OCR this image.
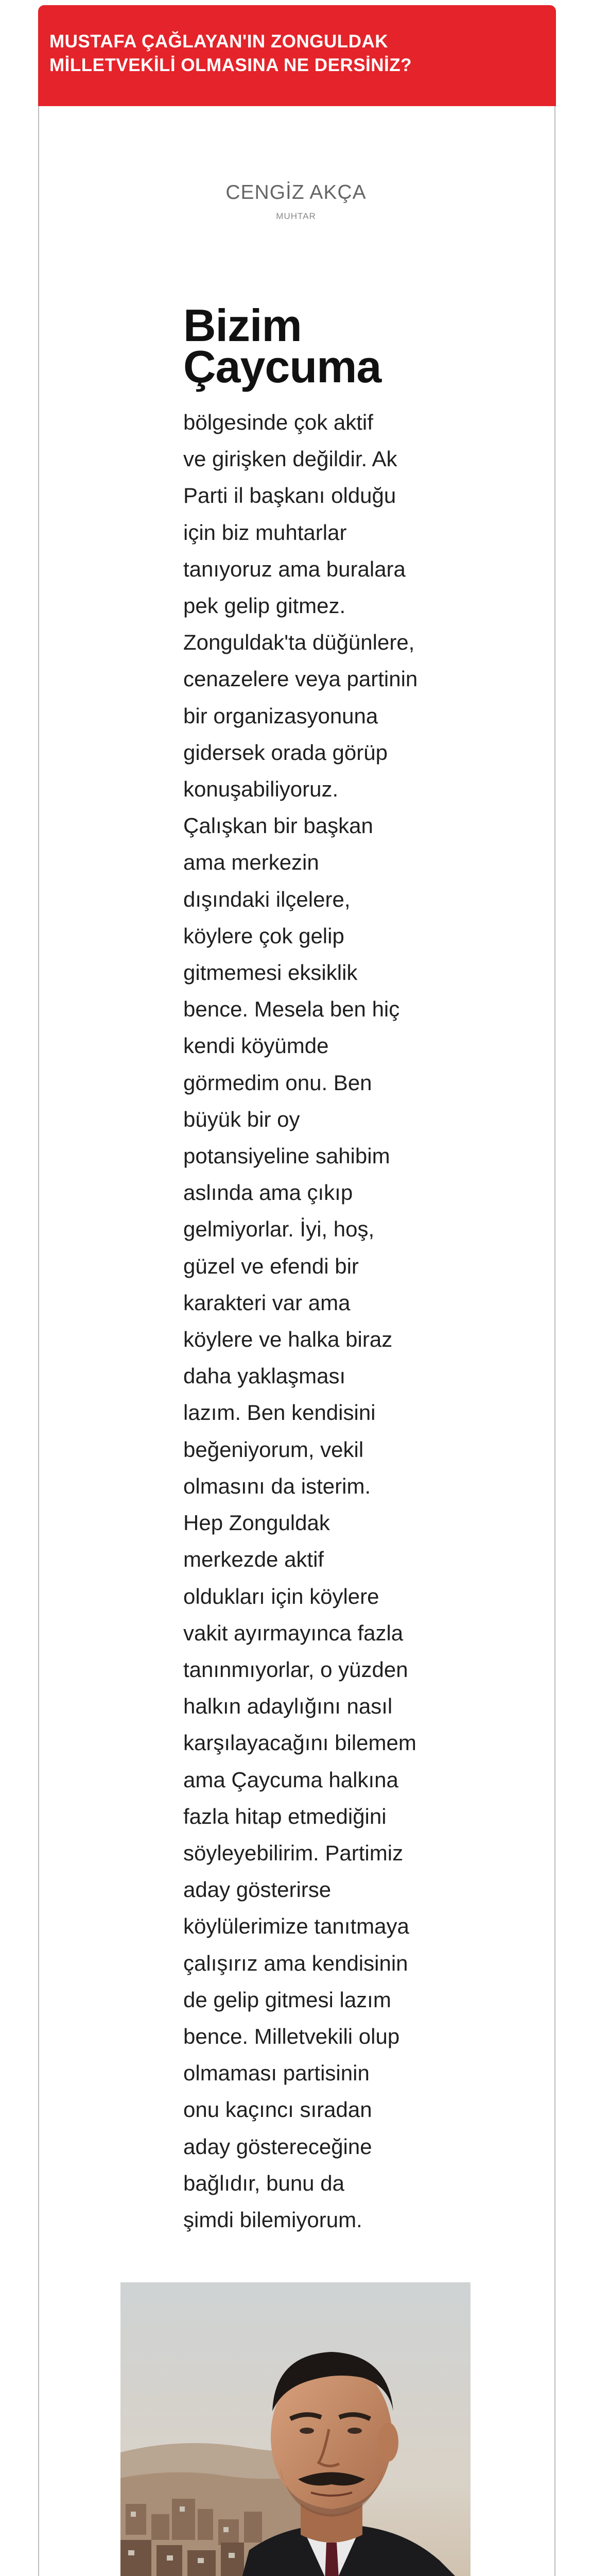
MUSTAFA ÇAĞLAYAN'IN ZONGULDAK MİLLETVEKİLİ OLMASINA NE DERSİNİZ?
CENGİZ AKÇA
MUHTAR
Bizim
Çaycuma
bölgesinde çok aktif
ve girişken değildir. Ak
Parti il başkanı olduğu
için biz muhtarlar
tanıyoruz ama buralara
pek gelip gitmez.
Zonguldak'ta düğünlere,
cenazelere veya partinin
bir organizasyonuna
gidersek orada görüp
konuşabiliyoruz.
Çalışkan bir başkan
ama merkezin
dışındaki ilçelere,
köylere çok gelip
gitmemesi eksiklik
bence. Mesela ben hiç
kendi köyümde
görmedim onu. Ben
büyük bir oy
potansiyeline sahibim
aslında ama çıkıp
gelmiyorlar. İyi, hoş,
güzel ve efendi bir
karakteri var ama
köylere ve halka biraz
daha yaklaşması
lazım. Ben kendisini
beğeniyorum, vekil
olmasını da isterim.
Hep Zonguldak
merkezde aktif
oldukları için köylere
vakit ayırmayınca fazla
tanınmıyorlar, o yüzden
halkın adaylığını nasıl
karşılayacağını bilemem
ama Çaycuma halkına
fazla hitap etmediğini
söyleyebilirim. Partimiz
aday gösterirse
köylülerimize tanıtmaya
çalışırız ama kendisinin
de gelip gitmesi lazım
bence. Milletvekili olup
olmaması partisinin
onu kaçıncı sıradan
aday göstereceğine
bağlıdır, bunu da
şimdi bilemiyorum.
